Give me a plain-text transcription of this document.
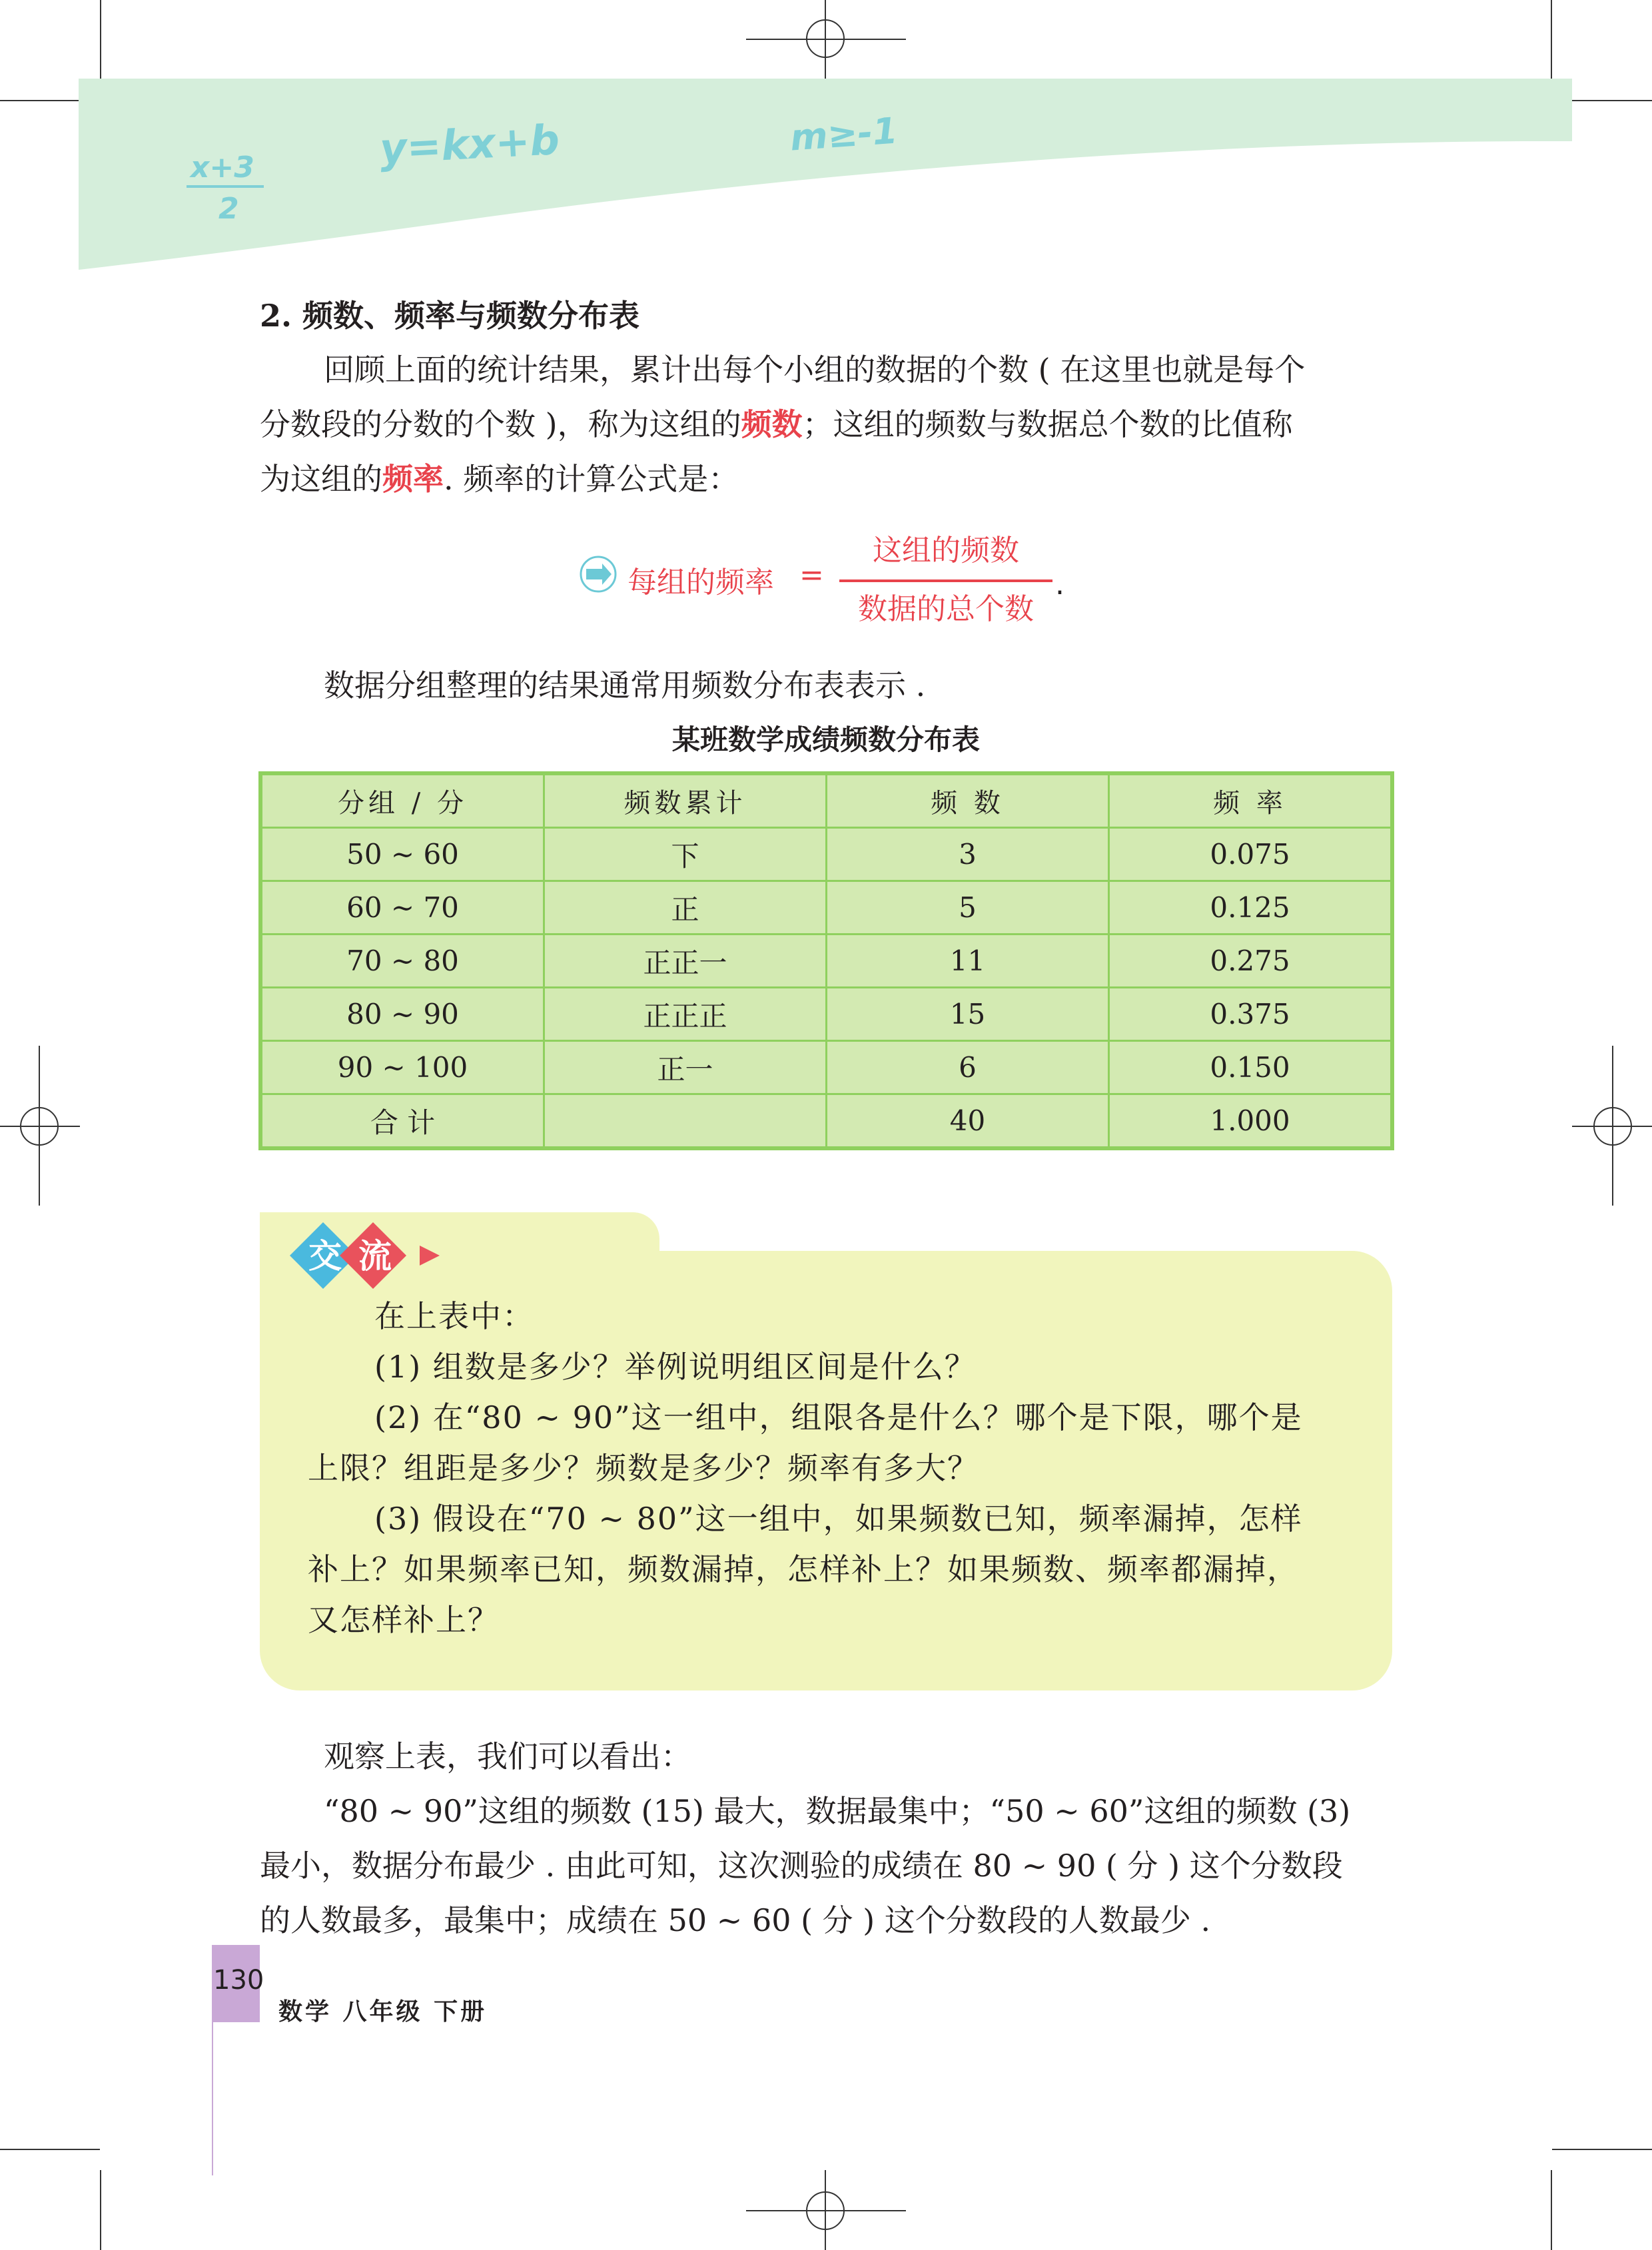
x+3
2
y=kx+b	m≥-1
2. 频数、频率与频数分布表

回顾上面的统计结果，累计出每个小组的数据的个数 ( 在这里也就是每个

分数段的分数的个数 )，称为这组的频数；这组的频数与数据总个数的比值称

为这组的频率. 频率的计算公式是：

每组的频率 =
这组的频数
数据的总个数
.

数据分组整理的结果通常用频数分布表表示 .

某班数学成绩频数分布表
分组 / 分	频数累计	频 数	频 率
50 ~ 60	下	3	0.075
60 ~ 70	正	5	0.125
70 ~ 80	正正一	11	0.275
80 ~ 90	正正正	15	0.375
90 ~ 100	正一	6	0.150
合 计		40	1.000
交 流

在上表中：

(1) 组数是多少？举例说明组区间是什么？

(2) 在“80 ~ 90”这一组中，组限各是什么？哪个是下限，哪个是

上限？组距是多少？频数是多少？频率有多大？

(3) 假设在“70 ~ 80”这一组中，如果频数已知，频率漏掉，怎样

补上？如果频率已知，频数漏掉，怎样补上？如果频数、频率都漏掉，

又怎样补上？

观察上表，我们可以看出：

“80 ~ 90”这组的频数 (15) 最大，数据最集中；“50 ~ 60”这组的频数 (3)

最小，数据分布最少 . 由此可知，这次测验的成绩在 80 ~ 90 ( 分 ) 这个分数段

的人数最多，最集中；成绩在 50 ~ 60 ( 分 ) 这个分数段的人数最少 .

130
数学 八年级 下册
